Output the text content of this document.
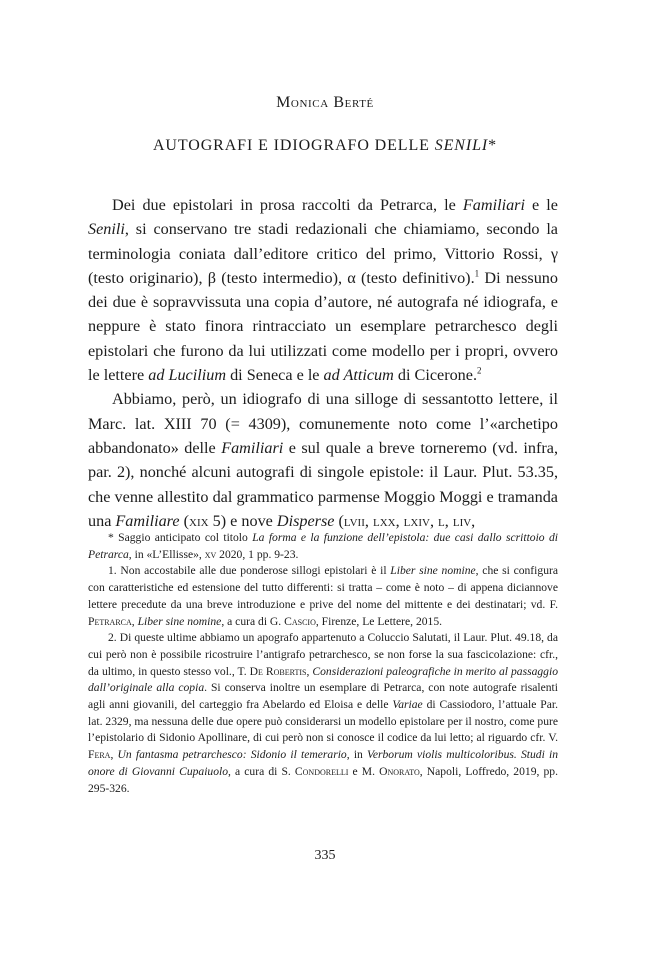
Monica Berté
AUTOGRAFI E IDIOGRAFO DELLE SENILI*

Dei due epistolari in prosa raccolti da Petrarca, le Familiari e le Senili, si conservano tre stadi redazionali che chiamiamo, secondo la terminologia coniata dall’editore critico del primo, Vittorio Rossi, γ (testo originario), β (testo intermedio), α (testo definitivo).$^1$ Di nessuno dei due è sopravvissuta una copia d’autore, né autografa né idiografa, e neppure è stato finora rintracciato un esemplare petrarchesco degli epistolari che furono da lui utilizzati come modello per i propri, ovvero le lettere ad Lucilium di Seneca e le ad Atticum di Cicerone.$^2$

Abbiamo, però, un idiografo di una silloge di sessantotto lettere, il Marc. lat. XIII 70 (= 4309), comunemente noto come l’«archetipo abbandonato» delle Familiari e sul quale a breve torneremo (vd. infra, par. 2), nonché alcuni autografi di singole epistole: il Laur. Plut. 53.35, che venne allestito dal grammatico parmense Moggio Moggi e tramanda una Familiare (xix 5) e nove Disperse (lvii, lxx, lxiv, l, liv,

* Saggio anticipato col titolo La forma e la funzione dell’epistola: due casi dallo scrittoio di Petrarca, in «L’Ellisse», xv 2020, 1 pp. 9-23.

1. Non accostabile alle due ponderose sillogi epistolari è il Liber sine nomine, che si configura con caratteristiche ed estensione del tutto differenti: si tratta – come è noto – di appena diciannove lettere precedute da una breve introduzione e prive del nome del mittente e dei destinatari; vd. F. Petrarca, Liber sine nomine, a cura di G. Cascio, Firenze, Le Lettere, 2015.

2. Di queste ultime abbiamo un apografo appartenuto a Coluccio Salutati, il Laur. Plut. 49.18, da cui però non è possibile ricostruire l’antigrafo petrarchesco, se non forse la sua fascicolazione: cfr., da ultimo, in questo stesso vol., T. De Robertis, Considerazioni paleografiche in merito al passaggio dall’originale alla copia. Si conserva inoltre un esemplare di Petrarca, con note autografe risalenti agli anni giovanili, del carteggio fra Abelardo ed Eloisa e delle Variae di Cassiodoro, l’attuale Par. lat. 2329, ma nessuna delle due opere può considerarsi un modello epistolare per il nostro, come pure l’epistolario di Sidonio Apollinare, di cui però non si conosce il codice da lui letto; al riguardo cfr. V. Fera, Un fantasma petrarchesco: Sidonio il temerario, in Verborum violis multicoloribus. Studi in onore di Giovanni Cupaiuolo, a cura di S. Condorelli e M. Onorato, Napoli, Loffredo, 2019, pp. 295-326.

335
